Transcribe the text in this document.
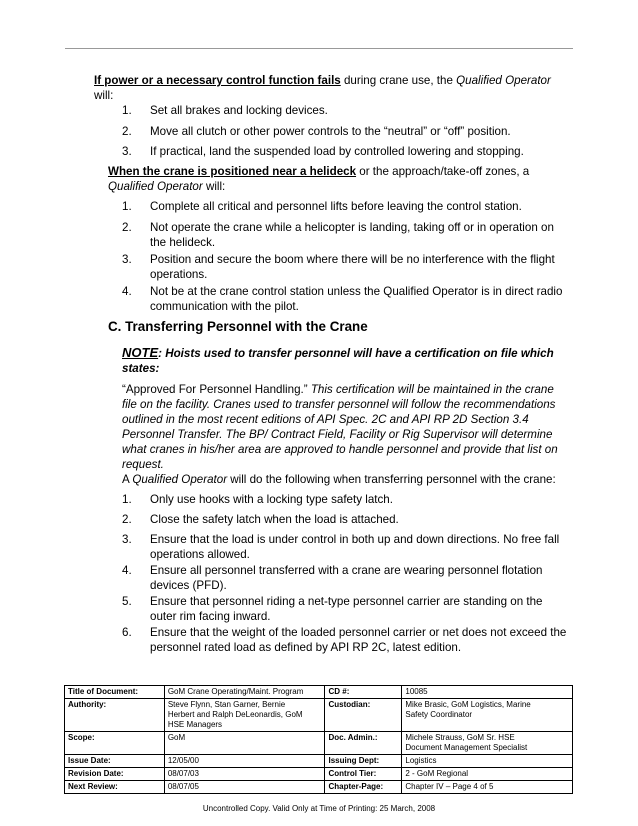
If power or a necessary control function fails during crane use, the Qualified Operator
will:
1. Set all brakes and locking devices.
2. Move all clutch or other power controls to the “neutral” or “off” position.
3. If practical, land the suspended load by controlled lowering and stopping.
When the crane is positioned near a helideck or the approach/take-off zones, a
Qualified Operator will:
1. Complete all critical and personnel lifts before leaving the control station.
2. Not operate the crane while a helicopter is landing, taking off or in operation on
the helideck.
3. Position and secure the boom where there will be no interference with the flight
operations.
4. Not be at the crane control station unless the Qualified Operator is in direct radio
communication with the pilot.
C. Transferring Personnel with the Crane
NOTE: Hoists used to transfer personnel will have a certification on file which
states:
“Approved For Personnel Handling.” This certification will be maintained in the crane
file on the facility. Cranes used to transfer personnel will follow the recommendations
outlined in the most recent editions of API Spec. 2C and API RP 2D Section 3.4
Personnel Transfer. The BP/ Contract Field, Facility or Rig Supervisor will determine
what cranes in his/her area are approved to handle personnel and provide that list on
request.
A Qualified Operator will do the following when transferring personnel with the crane:
1. Only use hooks with a locking type safety latch.
2. Close the safety latch when the load is attached.
3. Ensure that the load is under control in both up and down directions. No free fall
operations allowed.
4. Ensure all personnel transferred with a crane are wearing personnel flotation
devices (PFD).
5. Ensure that personnel riding a net-type personnel carrier are standing on the
outer rim facing inward.
6. Ensure that the weight of the loaded personnel carrier or net does not exceed the
personnel rated load as defined by API RP 2C, latest edition.
Title of Document:	GoM Crane Operating/Maint. Program	CD #:	10085
Authority:	Steve Flynn, Stan Garner, Bernie
Herbert and Ralph DeLeonardis, GoM
HSE Managers	Custodian:	Mike Brasic, GoM Logistics, Marine
Safety Coordinator
Scope:	GoM	Doc. Admin.:	Michele Strauss, GoM Sr. HSE
Document Management Specialist
Issue Date:	12/05/00	Issuing Dept:	Logistics
Revision Date:	08/07/03	Control Tier:	2 - GoM Regional
Next Review:	08/07/05	Chapter-Page:	Chapter IV – Page 4 of 5
Uncontrolled Copy. Valid Only at Time of Printing: 25 March, 2008
